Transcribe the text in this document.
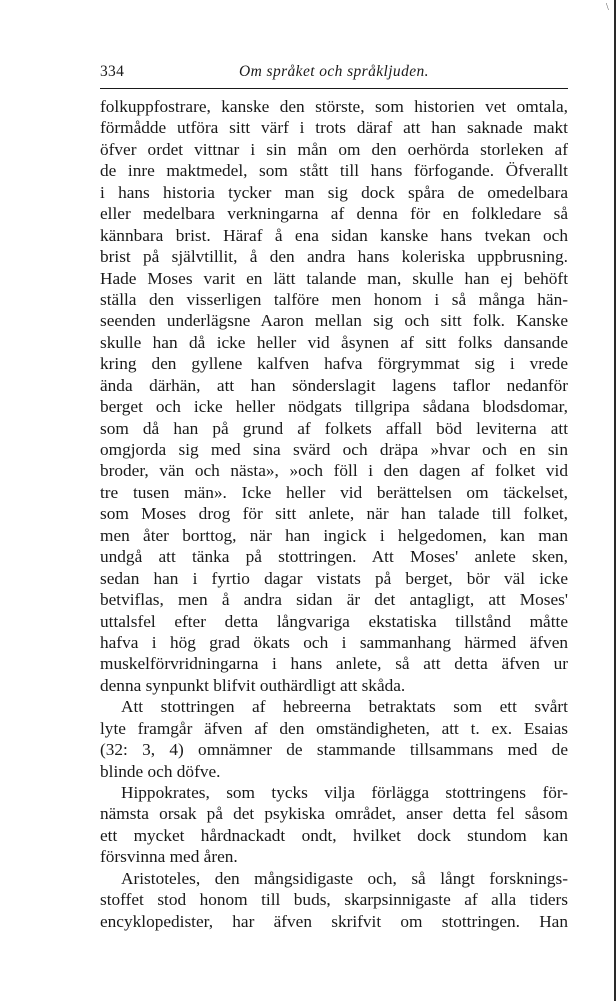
334	Om språket och språkljuden.
folkuppfostrare, kanske den störste, som historien vet omtala,
förmådde utföra sitt värf i trots däraf att han saknade makt
öfver ordet vittnar i sin mån om den oerhörda storleken af
de inre maktmedel, som stått till hans förfogande. Öfverallt
i hans historia tycker man sig dock spåra de omedelbara
eller medelbara verkningarna af denna för en folkledare så
kännbara brist. Häraf å ena sidan kanske hans tvekan och
brist på självtillit, å den andra hans koleriska uppbrusning.
Hade Moses varit en lätt talande man, skulle han ej behöft
ställa den visserligen talföre men honom i så många hän-
seenden underlägsne Aaron mellan sig och sitt folk. Kanske
skulle han då icke heller vid åsynen af sitt folks dansande
kring den gyllene kalfven hafva förgrymmat sig i vrede
ända därhän, att han sönderslagit lagens taflor nedanför
berget och icke heller nödgats tillgripa sådana blodsdomar,
som då han på grund af folkets affall böd leviterna att
omgjorda sig med sina svärd och dräpa »hvar och en sin
broder, vän och nästa», »och föll i den dagen af folket vid
tre tusen män». Icke heller vid berättelsen om täckelset,
som Moses drog för sitt anlete, när han talade till folket,
men åter borttog, när han ingick i helgedomen, kan man
undgå att tänka på stottringen. Att Moses' anlete sken,
sedan han i fyrtio dagar vistats på berget, bör väl icke
betviflas, men å andra sidan är det antagligt, att Moses'
uttalsfel efter detta långvariga ekstatiska tillstånd måtte
hafva i hög grad ökats och i sammanhang härmed äfven
muskelförvridningarna i hans anlete, så att detta äfven ur
denna synpunkt blifvit outhärdligt att skåda.
Att stottringen af hebreerna betraktats som ett svårt
lyte framgår äfven af den omständigheten, att t. ex. Esaias
(32: 3, 4) omnämner de stammande tillsammans med de
blinde och döfve.
Hippokrates, som tycks vilja förlägga stottringens för-
nämsta orsak på det psykiska området, anser detta fel såsom
ett mycket hårdnackadt ondt, hvilket dock stundom kan
försvinna med åren.
Aristoteles, den mångsidigaste och, så långt forsknings-
stoffet stod honom till buds, skarpsinnigaste af alla tiders
encyklopedister, har äfven skrifvit om stottringen. Han
\
